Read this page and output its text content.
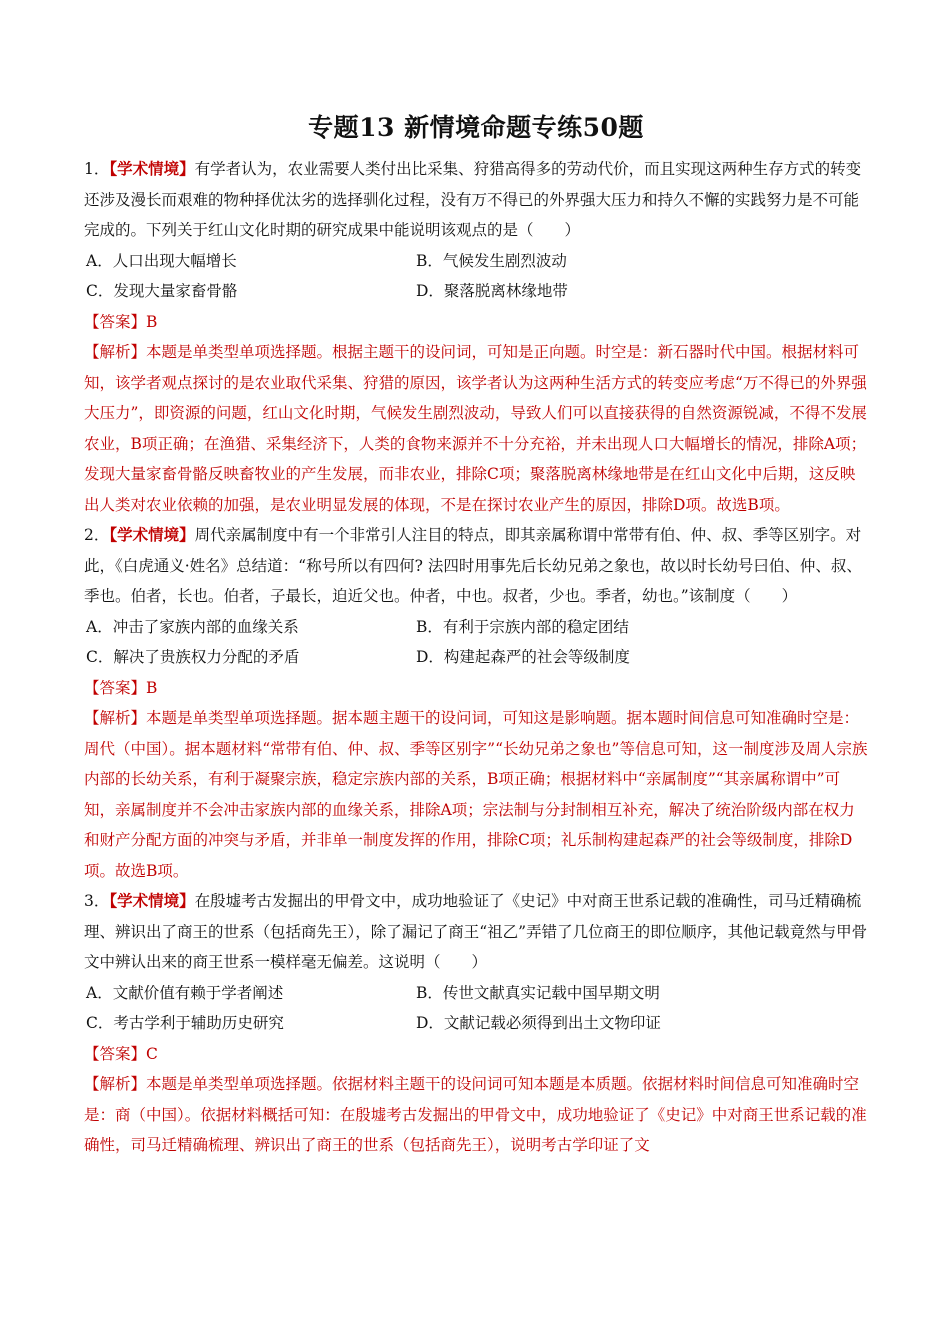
专题13 新情境命题专练50题
1．【学术情境】有学者认为，农业需要人类付出比采集、狩猎高得多的劳动代价，而且实现这两种生存方式的转变还涉及漫长而艰难的物种择优汰劣的选择驯化过程，没有万不得已的外界强大压力和持久不懈的实践努力是不可能完成的。下列关于红山文化时期的研究成果中能说明该观点的是（　　）
A．人口出现大幅增长	B．气候发生剧烈波动
C．发现大量家畜骨骼	D．聚落脱离林缘地带
【答案】B
【解析】本题是单类型单项选择题。根据主题干的设问词，可知是正向题。时空是：新石器时代中国。根据材料可知，该学者观点探讨的是农业取代采集、狩猎的原因，该学者认为这两种生活方式的转变应考虑“万不得已的外界强大压力”，即资源的问题，红山文化时期，气候发生剧烈波动，导致人们可以直接获得的自然资源锐减，不得不发展农业，B项正确；在渔猎、采集经济下，人类的食物来源并不十分充裕，并未出现人口大幅增长的情况，排除A项；发现大量家畜骨骼反映畜牧业的产生发展，而非农业，排除C项；聚落脱离林缘地带是在红山文化中后期，这反映出人类对农业依赖的加强，是农业明显发展的体现，不是在探讨农业产生的原因，排除D项。故选B项。
2．【学术情境】周代亲属制度中有一个非常引人注目的特点，即其亲属称谓中常带有伯、仲、叔、季等区别字。对此，《白虎通义·姓名》总结道：“称号所以有四何? 法四时用事先后长幼兄弟之象也，故以时长幼号曰伯、仲、叔、季也。伯者，长也。伯者，子最长，迫近父也。仲者，中也。叔者，少也。季者，幼也。”该制度（　　）
A．冲击了家族内部的血缘关系	B．有利于宗族内部的稳定团结
C．解决了贵族权力分配的矛盾	D．构建起森严的社会等级制度
【答案】B
【解析】本题是单类型单项选择题。据本题主题干的设问词，可知这是影响题。据本题时间信息可知准确时空是：周代（中国）。据本题材料“常带有伯、仲、叔、季等区别字”“长幼兄弟之象也”等信息可知，这一制度涉及周人宗族内部的长幼关系，有利于凝聚宗族，稳定宗族内部的关系，B项正确；根据材料中“亲属制度”“其亲属称谓中”可知，亲属制度并不会冲击家族内部的血缘关系，排除A项；宗法制与分封制相互补充，解决了统治阶级内部在权力和财产分配方面的冲突与矛盾，并非单一制度发挥的作用，排除C项；礼乐制构建起森严的社会等级制度，排除D项。故选B项。
3．【学术情境】在殷墟考古发掘出的甲骨文中，成功地验证了《史记》中对商王世系记载的准确性，司马迁精确梳理、辨识出了商王的世系（包括商先王），除了漏记了商王“祖乙”弄错了几位商王的即位顺序，其他记载竟然与甲骨文中辨认出来的商王世系一模样毫无偏差。这说明（　　）
A．文献价值有赖于学者阐述	B．传世文献真实记载中国早期文明
C．考古学利于辅助历史研究	D．文献记载必须得到出土文物印证
【答案】C
【解析】本题是单类型单项选择题。依据材料主题干的设问词可知本题是本质题。依据材料时间信息可知准确时空是：商（中国）。依据材料概括可知：在殷墟考古发掘出的甲骨文中，成功地验证了《史记》中对商王世系记载的准确性，司马迁精确梳理、辨识出了商王的世系（包括商先王），说明考古学印证了文
